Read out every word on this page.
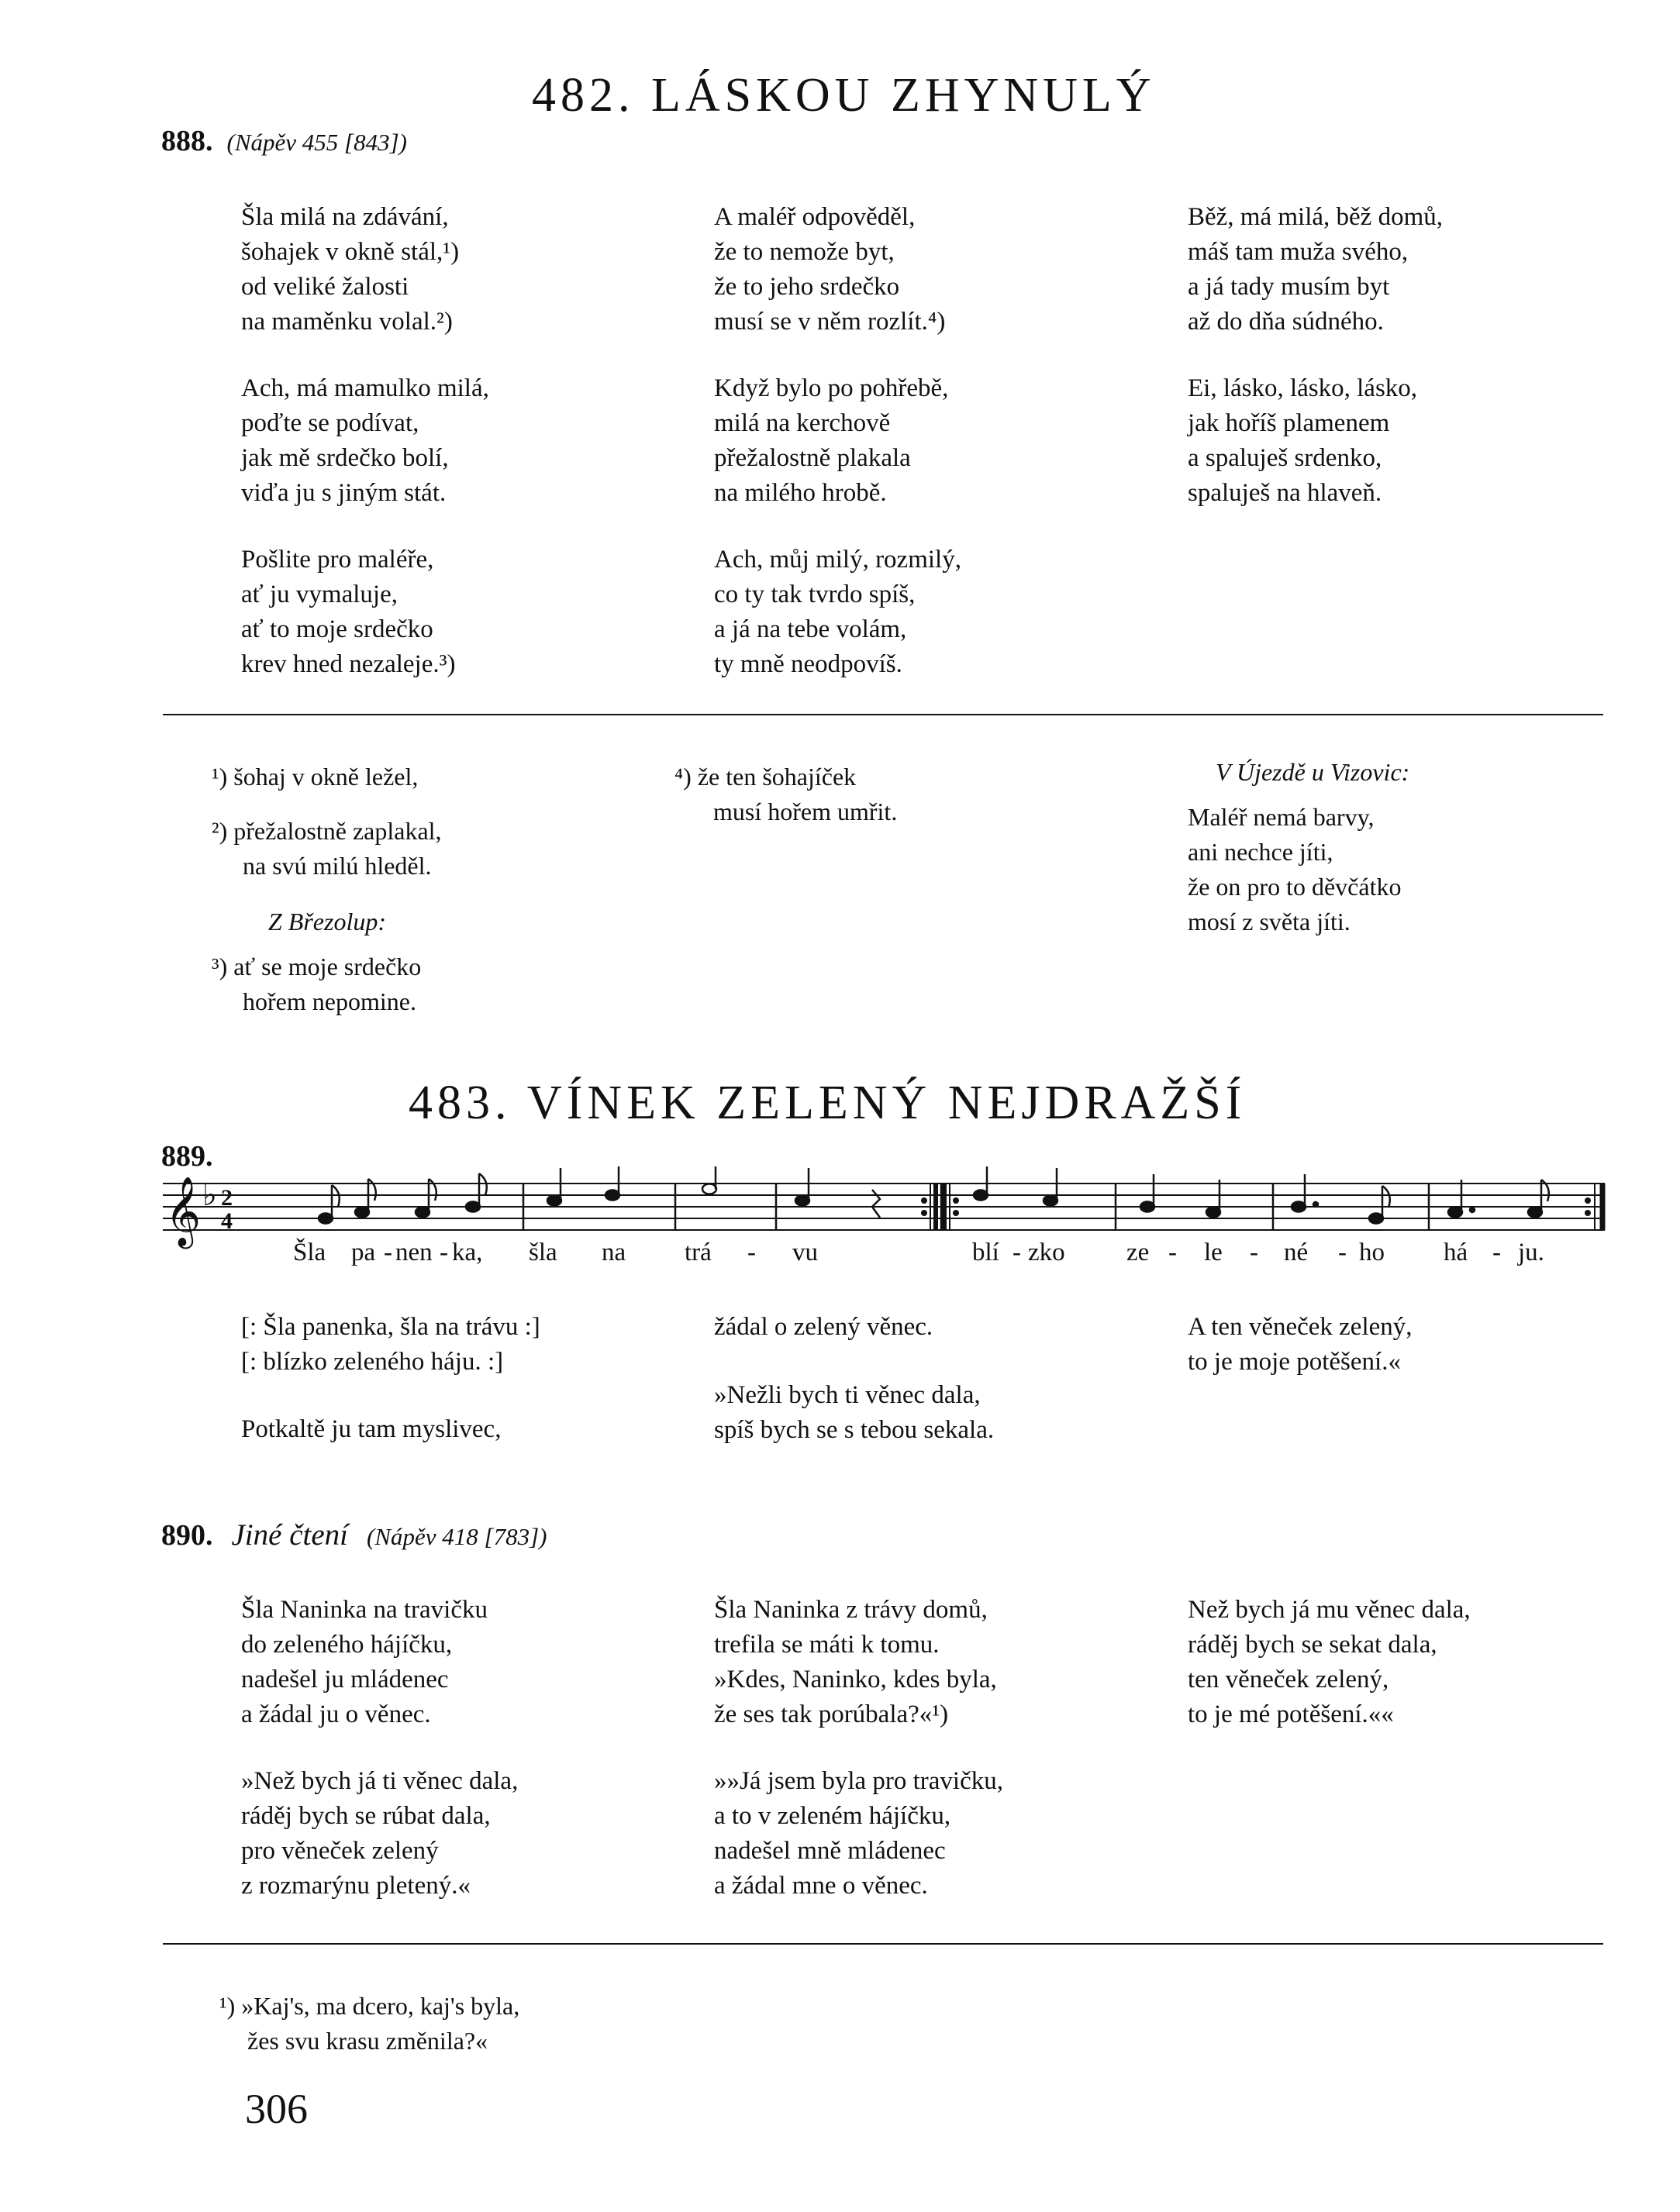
482. LÁSKOU ZHYNULÝ
888. (Nápěv 455 [843])
Šla milá na zdávání,
šohajek v okně stál,¹)
od veliké žalosti
na maměnku volal.²)
Ach, má mamulko milá,
poďte se podívat,
jak mě srdečko bolí,
viďa ju s jiným stát.
Pošlite pro maléře,
ať ju vymaluje,
ať to moje srdečko
krev hned nezaleje.³)
A maléř odpověděl,
že to nemože byt,
že to jeho srdečko
musí se v něm rozlít.⁴)
Když bylo po pohřebě,
milá na kerchově
přežalostně plakala
na milého hrobě.
Ach, můj milý, rozmilý,
co ty tak tvrdo spíš,
a já na tebe volám,
ty mně neodpovíš.
Běž, má milá, běž domů,
máš tam muža svého,
a já tady musím byt
až do dňa súdného.
Ei, lásko, lásko, lásko,
jak hoříš plamenem
a spaluješ srdenko,
spaluješ na hlaveň.
¹) šohaj v okně ležel,
²) přežalostně zaplakal,
na svú milú hleděl.
Z Březolup:
³) ať se moje srdečko
hořem nepomine.
⁴) že ten šohajíček
musí hořem umřit.
V Újezdě u Vizovic:
Maléř nemá barvy,
ani nechce jíti,
že on pro to děvčátko
mosí z světa jíti.
483. VÍNEK ZELENÝ NEJDRAŽŠÍ
889.
𝄞 ♭ 2
4
Šla pa - nen - ka, šla na trá - vu	blí - zko ze - le - né - ho há - ju.
[: Šla panenka, šla na trávu :]
[: blízko zeleného háju. :]
Potkaltě ju tam myslivec,
žádal o zelený věnec.
»Nežli bych ti věnec dala,
spíš bych se s tebou sekala.
A ten věneček zelený,
to je moje potěšení.«
890. Jiné čtení (Nápěv 418 [783])
Šla Naninka na travičku
do zeleného hájíčku,
nadešel ju mládenec
a žádal ju o věnec.
»Než bych já ti věnec dala,
ráděj bych se rúbat dala,
pro věneček zelený
z rozmarýnu pletený.«
Šla Naninka z trávy domů,
trefila se máti k tomu.
»Kdes, Naninko, kdes byla,
že ses tak porúbala?«¹)
»»Já jsem byla pro travičku,
a to v zeleném hájíčku,
nadešel mně mládenec
a žádal mne o věnec.
Než bych já mu věnec dala,
ráděj bych se sekat dala,
ten věneček zelený,
to je mé potěšení.««
¹) »Kaj's, ma dcero, kaj's byla,
žes svu krasu změnila?«
306
